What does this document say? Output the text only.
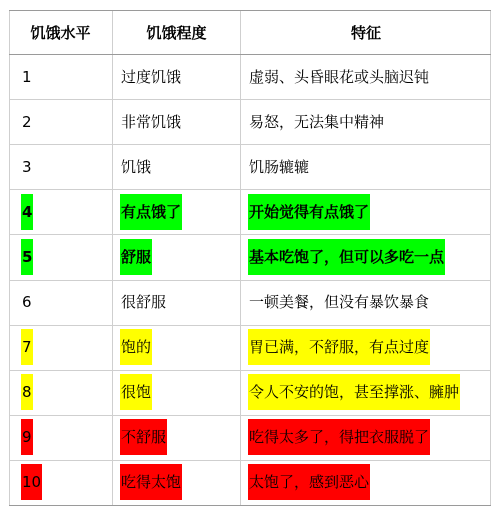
饥饿水平	饥饿程度	特征
1	过度饥饿	虚弱、头昏眼花或头脑迟钝
2	非常饥饿	易怒，无法集中精神
3	饥饿	饥肠辘辘
4	有点饿了	开始觉得有点饿了
5	舒服	基本吃饱了，但可以多吃一点
6	很舒服	一顿美餐，但没有暴饮暴食
7	饱的	胃已满，不舒服，有点过度
8	很饱	令人不安的饱，甚至撑涨、臃肿
9	不舒服	吃得太多了，得把衣服脱了
10	吃得太饱	太饱了，感到恶心
